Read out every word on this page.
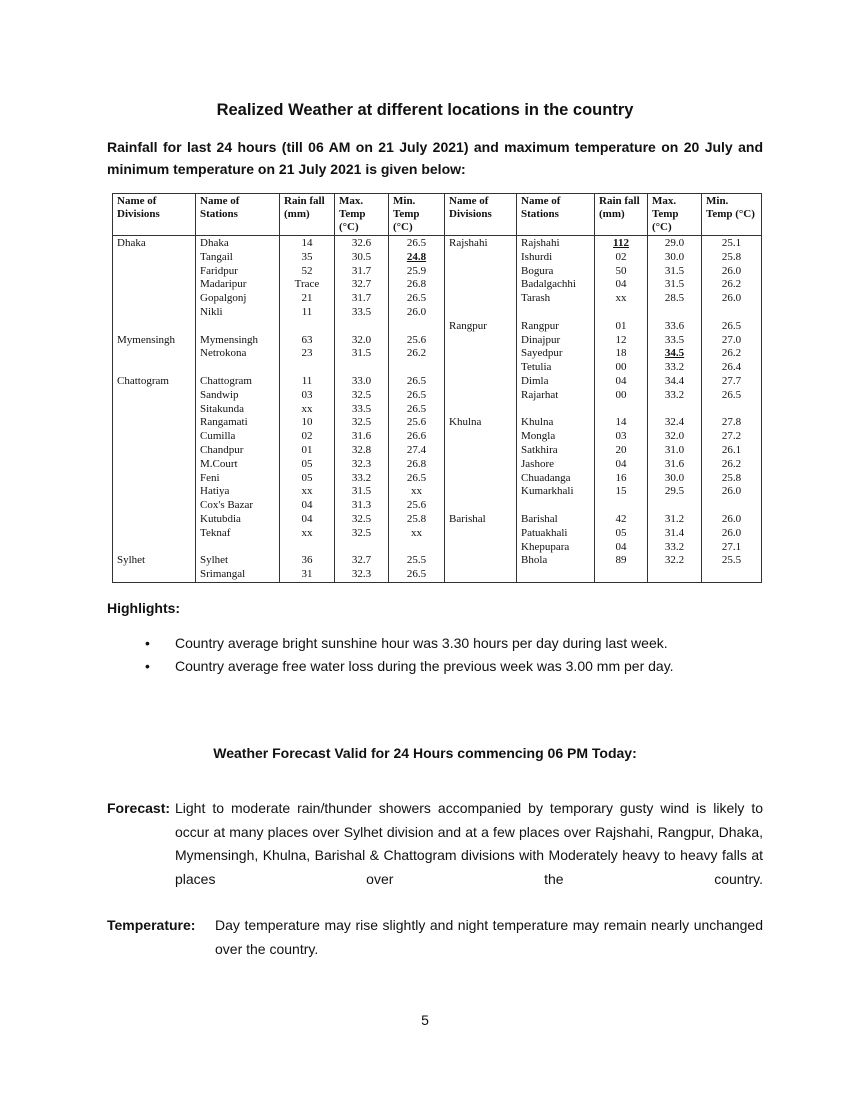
Realized Weather at different locations in the country
Rainfall for last 24 hours (till 06 AM on 21 July 2021) and maximum temperature on 20 July and minimum temperature on 21 July 2021 is given below:
Name of Divisions	Name of Stations	Rain fall (mm)	Max. Temp (°C)	Min. Temp (°C)	Name of Divisions	Name of Stations	Rain fall (mm)	Max. Temp (°C)	Min. Temp (°C)
Dhaka	Dhaka	14	32.6	26.5	Rajshahi	Rajshahi	112	29.0	25.1
	Tangail	35	30.5	24.8		Ishurdi	02	30.0	25.8
	Faridpur	52	31.7	25.9		Bogura	50	31.5	26.0
	Madaripur	Trace	32.7	26.8		Badalgachhi	04	31.5	26.2
	Gopalgonj	21	31.7	26.5		Tarash	xx	28.5	26.0
	Nikli	11	33.5	26.0					
					Rangpur	Rangpur	01	33.6	26.5
Mymensingh	Mymensingh	63	32.0	25.6		Dinajpur	12	33.5	27.0
	Netrokona	23	31.5	26.2		Sayedpur	18	34.5	26.2
						Tetulia	00	33.2	26.4
Chattogram	Chattogram	11	33.0	26.5		Dimla	04	34.4	27.7
	Sandwip	03	32.5	26.5		Rajarhat	00	33.2	26.5
	Sitakunda	xx	33.5	26.5					
	Rangamati	10	32.5	25.6	Khulna	Khulna	14	32.4	27.8
	Cumilla	02	31.6	26.6		Mongla	03	32.0	27.2
	Chandpur	01	32.8	27.4		Satkhira	20	31.0	26.1
	M.Court	05	32.3	26.8		Jashore	04	31.6	26.2
	Feni	05	33.2	26.5		Chuadanga	16	30.0	25.8
	Hatiya	xx	31.5	xx		Kumarkhali	15	29.5	26.0
	Cox's Bazar	04	31.3	25.6					
	Kutubdia	04	32.5	25.8	Barishal	Barishal	42	31.2	26.0
	Teknaf	xx	32.5	xx		Patuakhali	05	31.4	26.0
						Khepupara	04	33.2	27.1
Sylhet	Sylhet	36	32.7	25.5		Bhola	89	32.2	25.5
	Srimangal	31	32.3	26.5					
Highlights:
• Country average bright sunshine hour was 3.30 hours per day during last week.
• Country average free water loss during the previous week was 3.00 mm per day.
Weather Forecast Valid for 24 Hours commencing 06 PM Today:
Forecast: Light to moderate rain/thunder showers accompanied by temporary gusty wind is likely to occur at many places over Sylhet division and at a few places over Rajshahi, Rangpur, Dhaka, Mymensingh, Khulna, Barishal & Chattogram divisions with Moderately heavy to heavy falls at places over the country.
Temperature: Day temperature may rise slightly and night temperature may remain nearly unchanged over the country.
5
